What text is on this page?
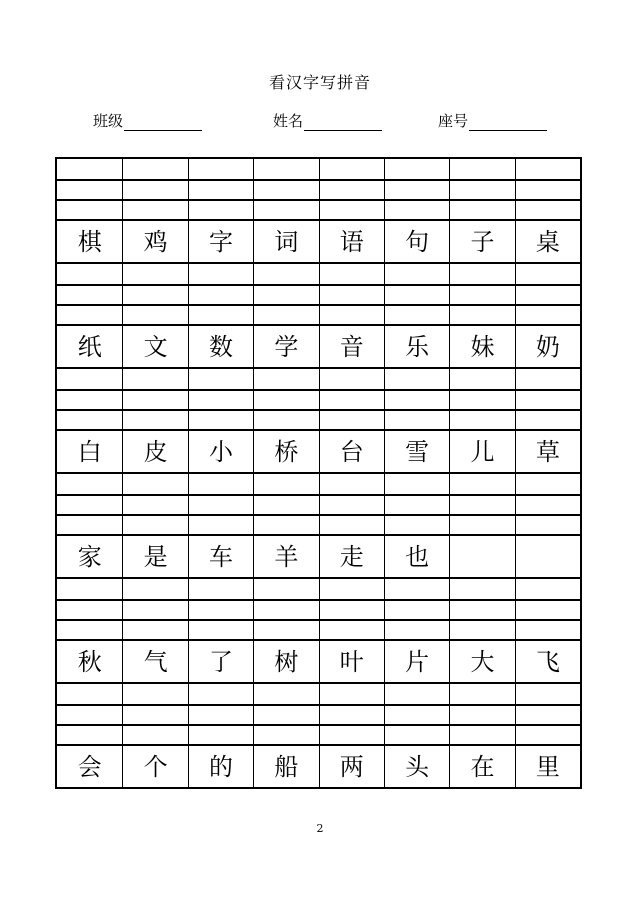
看汉字写拼音
班级	姓名	座号
棋	鸡	字	词	语	句	子	桌
纸	文	数	学	音	乐	妹	奶
白	皮	小	桥	台	雪	儿	草
家	是	车	羊	走	也
秋	气	了	树	叶	片	大	飞
会	个	的	船	两	头	在	里
2
